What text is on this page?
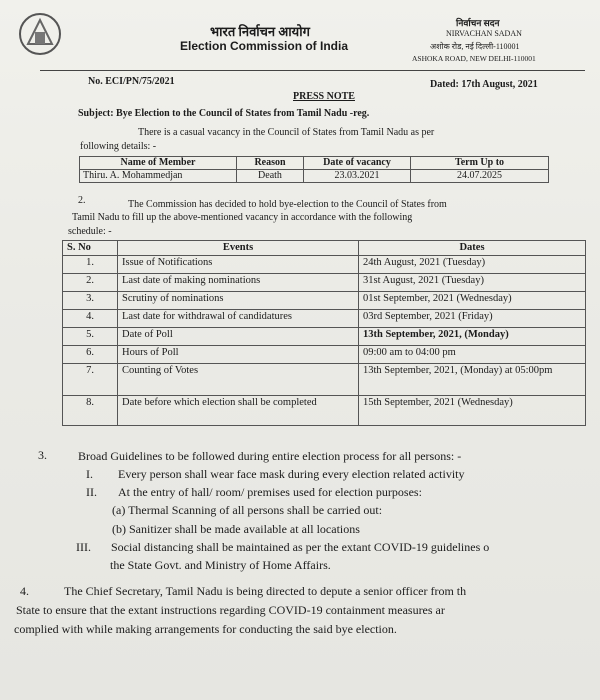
भारत निर्वाचन आयोग
Election Commission of India
निर्वाचन सदन
NIRVACHAN SADAN
अशोक रोड, नई दिल्ली-110001
ASHOKA ROAD, NEW DELHI-110001
No. ECI/PN/75/2021	Dated: 17th August, 2021
PRESS NOTE
Subject: Bye Election to the Council of States from Tamil Nadu -reg.
There is a casual vacancy in the Council of States from Tamil Nadu as per
following details: -
Name of Member	Reason	Date of vacancy	Term Up to
Thiru. A. Mohammedjan	Death	23.03.2021	24.07.2025
2.	The Commission has decided to hold bye-election to the Council of States from
Tamil Nadu to fill up the above-mentioned vacancy in accordance with the following
schedule: -
S. No	Events	Dates
1.	Issue of Notifications	24th August, 2021 (Tuesday)
2.	Last date of making nominations	31st August, 2021 (Tuesday)
3.	Scrutiny of nominations	01st September, 2021 (Wednesday)
4.	Last date for withdrawal of candidatures	03rd September, 2021 (Friday)
5.	Date of Poll	13th September, 2021, (Monday)
6.	Hours of Poll	09:00 am to 04:00 pm
7.	Counting of Votes	13th September, 2021, (Monday) at 05:00pm
8.	Date before which election shall be completed	15th September, 2021 (Wednesday)
3.	Broad Guidelines to be followed during entire election process for all persons: -
I. Every person shall wear face mask during every election related activity
II. At the entry of hall/ room/ premises used for election purposes:
(a) Thermal Scanning of all persons shall be carried out:
(b) Sanitizer shall be made available at all locations
III. Social distancing shall be maintained as per the extant COVID-19 guidelines o
the State Govt. and Ministry of Home Affairs.
4.	The Chief Secretary, Tamil Nadu is being directed to depute a senior officer from th
State to ensure that the extant instructions regarding COVID-19 containment measures ar
complied with while making arrangements for conducting the said bye election.
